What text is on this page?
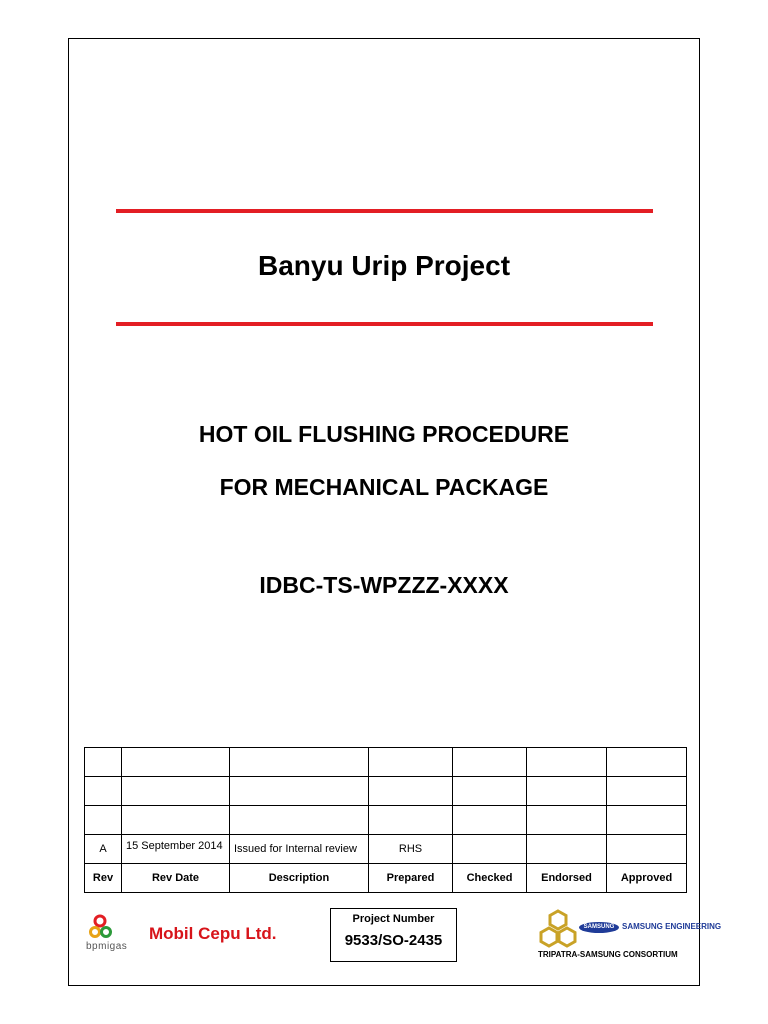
Banyu Urip Project
HOT OIL FLUSHING PROCEDURE
FOR MECHANICAL PACKAGE
IDBC-TS-WPZZZ-XXXX

A	15 September 2014	Issued for Internal review	RHS			
Rev	Rev Date	Description	Prepared	Checked	Endorsed	Approved
bpmigas
Mobil Cepu Ltd.
Project Number
9533/SO-2435
SAMSUNG SAMSUNG ENGINEERING
TRIPATRA-SAMSUNG CONSORTIUM
